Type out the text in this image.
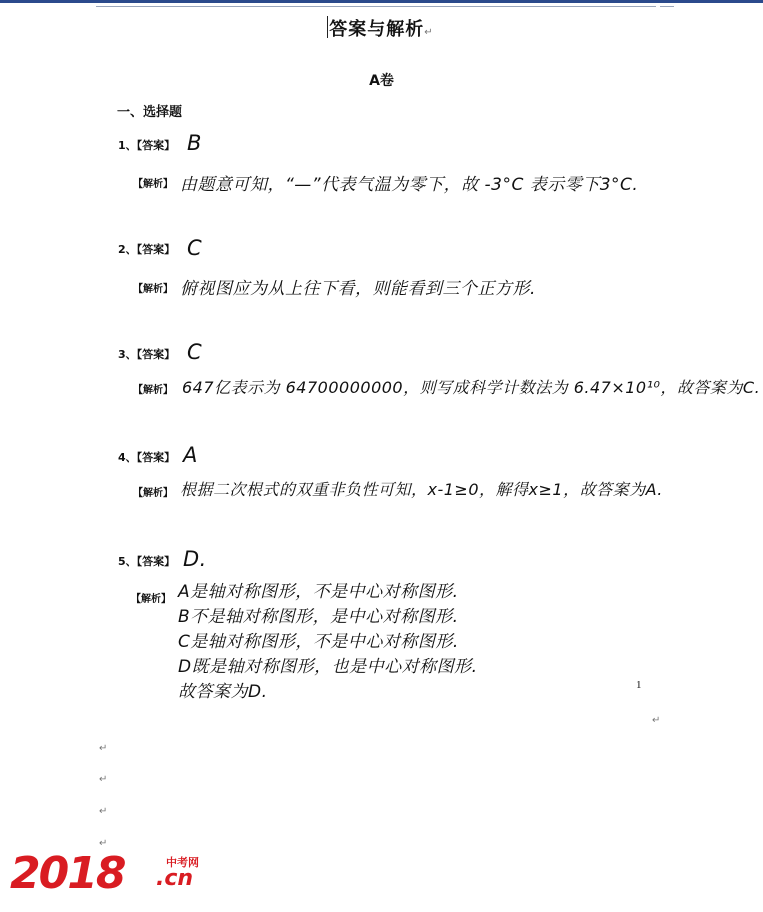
答案与解析↵
A卷
一、选择题
1、【答案】 B
【解析】 由题意可知，“—”代表气温为零下，故 -3°C 表示零下3°C.
2、【答案】 C
【解析】 俯视图应为从上往下看，则能看到三个正方形.
3、【答案】 C
【解析】 647亿表示为 64700000000，则写成科学计数法为 6.47×10¹⁰，故答案为C.
4、【答案】 A
【解析】 根据二次根式的双重非负性可知，x-1≥0，解得x≥1，故答案为A.
5、【答案】 D.
【解析】 A是轴对称图形，不是中心对称图形.
B不是轴对称图形，是中心对称图形.
C是轴对称图形，不是中心对称图形.
D既是轴对称图形，也是中心对称图形.
故答案为D.	1
↵
↵
↵
↵
↵
2018	中考网
.cn
